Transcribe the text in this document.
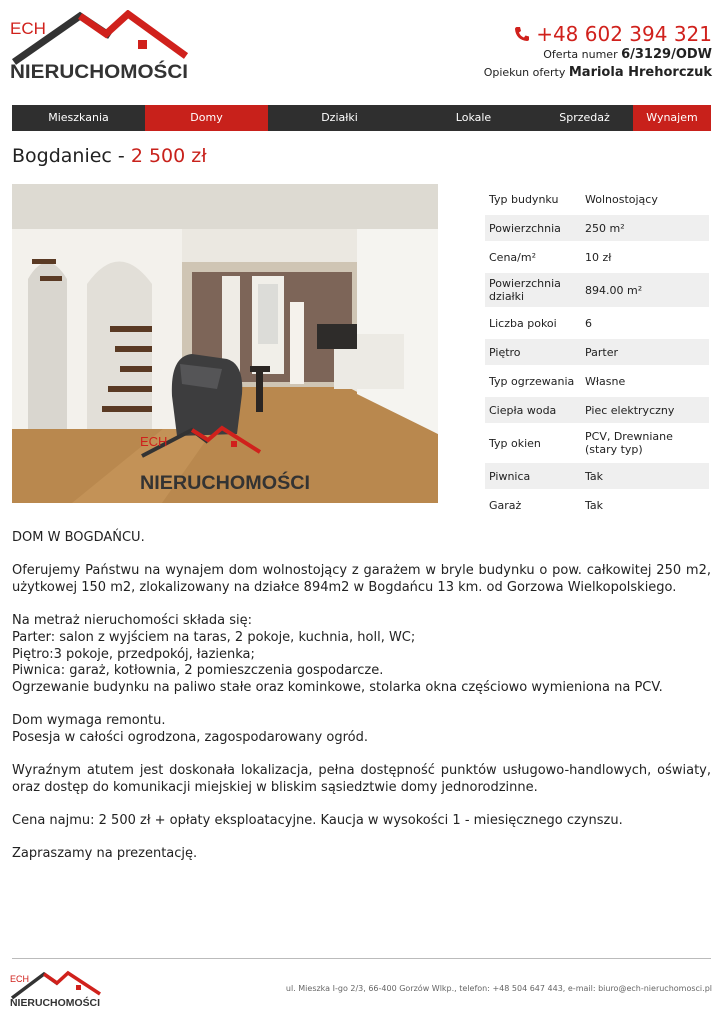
ECH
NIERUCHOMOŚCI
+48 602 394 321
Oferta numer 6/3129/ODW
Opiekun oferty Mariola Hrehorczuk
Mieszkania	Domy	Działki	Lokale	Sprzedaż	Wynajem
Bogdaniec - 2 500 zł
ECH
NIERUCHOMOŚCI
Typ budynku	Wolnostojący
Powierzchnia	250 m²
Cena/m²	10 zł
Powierzchnia działki	894.00 m²
Liczba pokoi	6
Piętro	Parter
Typ ogrzewania	Własne
Ciepła woda	Piec elektryczny
Typ okien	PCV, Drewniane (stary typ)
Piwnica	Tak
Garaż	Tak

DOM W BOGDAŃCU.

Oferujemy Państwu na wynajem dom wolnostojący z garażem w bryle budynku o pow. całkowitej 250 m2, użytkowej 150 m2, zlokalizowany na działce 894m2 w Bogdańcu 13 km. od Gorzowa Wielkopolskiego.

Na metraż nieruchomości składa się:
Parter: salon z wyjściem na taras, 2 pokoje, kuchnia, holl, WC;
Piętro:3 pokoje, przedpokój, łazienka;
Piwnica: garaż, kotłownia, 2 pomieszczenia gospodarcze.
Ogrzewanie budynku na paliwo stałe oraz kominkowe, stolarka okna częściowo wymieniona na PCV.

Dom wymaga remontu.
Posesja w całości ogrodzona, zagospodarowany ogród.

Wyraźnym atutem jest doskonała lokalizacja, pełna dostępność punktów usługowo-handlowych, oświaty, oraz dostęp do komunikacji miejskiej w bliskim sąsiedztwie domy jednorodzinne.

Cena najmu: 2 500 zł + opłaty eksploatacyjne. Kaucja w wysokości 1 - miesięcznego czynszu.

Zapraszamy na prezentację.

ECH
NIERUCHOMOŚCI
ul. Mieszka I-go 2/3, 66-400 Gorzów Wlkp., telefon: +48 504 647 443, e-mail: biuro@ech-nieruchomosci.pl
